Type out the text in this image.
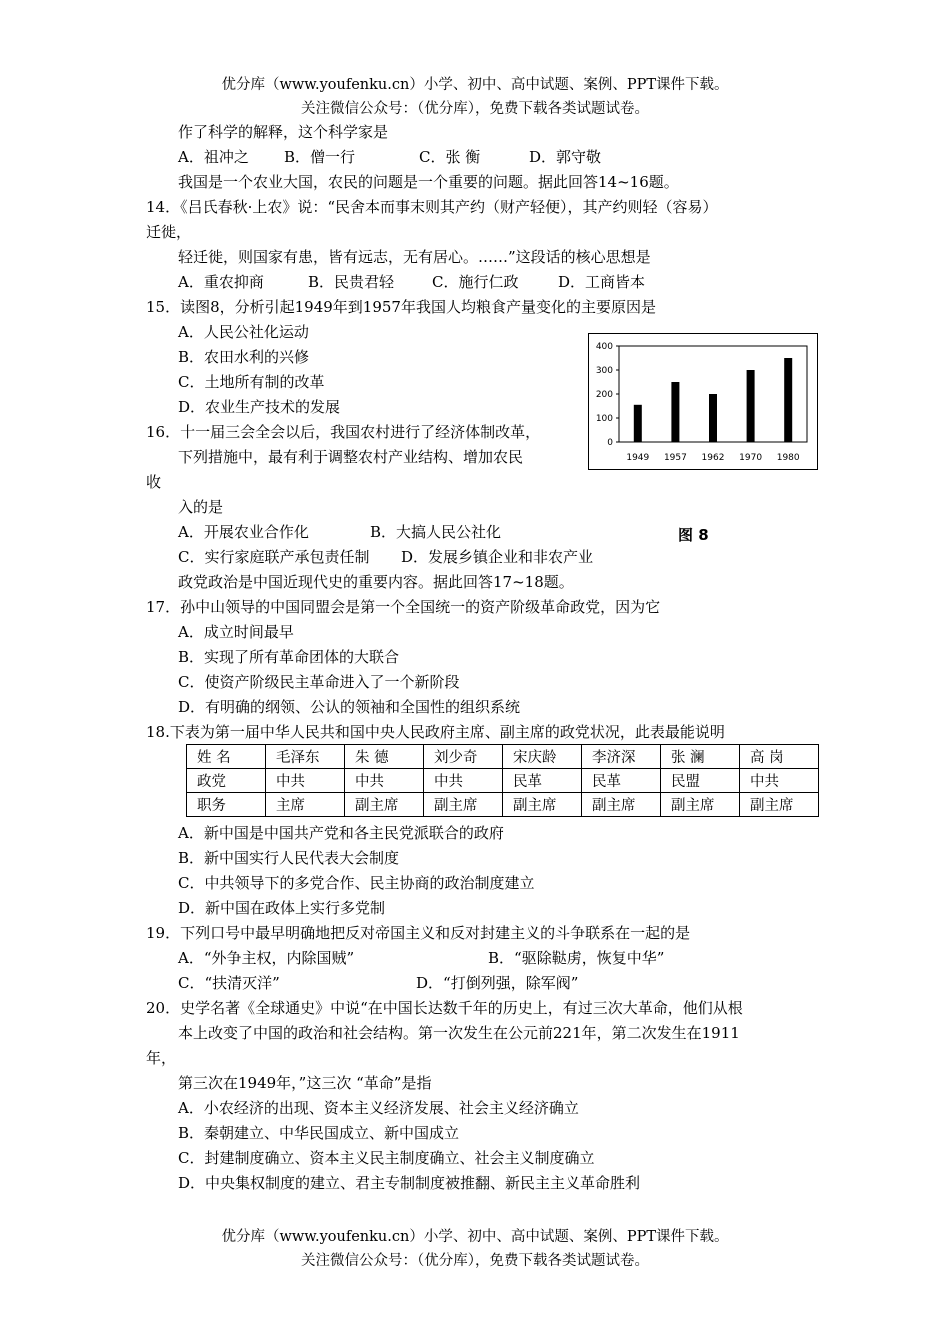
优分库（www.youfenku.cn）小学、初中、高中试题、案例、PPT课件下载。
关注微信公众号：（优分库），免费下载各类试题试卷。
作了科学的解释，这个科学家是
A．祖冲之 B．僧一行	C．张 衡	D．郭守敬
我国是一个农业大国，农民的问题是一个重要的问题。据此回答14~16题。
14．《吕氏春秋·上农》说：“民舍本而事末则其产约（财产轻便），其产约则轻（容易）
迁徙，
轻迁徙，则国家有患，皆有远志，无有居心。……”这段话的核心思想是
A．重农抑商	B．民贵君轻	C．施行仁政	D．工商皆本
15．读图8，分析引起1949年到1957年我国人均粮食产量变化的主要原因是
A．人民公社化运动
B．农田水利的兴修
C．土地所有制的改革
D．农业生产技术的发展
0
100
200
300
400
1949 1957 1962 1970 1980
图 8
16．十一届三会全会以后，我国农村进行了经济体制改革，
下列措施中，最有利于调整农村产业结构、增加农民
收
入的是
A．开展农业合作化	B．大搞人民公社化
C．实行家庭联产承包责任制 D．发展乡镇企业和非农产业
政党政治是中国近现代史的重要内容。据此回答17~18题。
17．孙中山领导的中国同盟会是第一个全国统一的资产阶级革命政党，因为它
A．成立时间最早
B．实现了所有革命团体的大联合
C．使资产阶级民主革命进入了一个新阶段
D．有明确的纲领、公认的领袖和全国性的组织系统
18.下表为第一届中华人民共和国中央人民政府主席、副主席的政党状况，此表最能说明
姓 名	毛泽东	朱 德	刘少奇	宋庆龄	李济深	张 澜	高 岗
政党	中共	中共	中共	民革	民革	民盟	中共
职务	主席	副主席	副主席	副主席	副主席	副主席	副主席
A．新中国是中国共产党和各主民党派联合的政府
B．新中国实行人民代表大会制度
C．中共领导下的多党合作、民主协商的政治制度建立
D．新中国在政体上实行多党制
19．下列口号中最早明确地把反对帝国主义和反对封建主义的斗争联系在一起的是
A．“外争主权，内除国贼”	B．“驱除鞑虏，恢复中华”
C．“扶清灭洋”	D．“打倒列强，除军阀”
20．史学名著《全球通史》中说“在中国长达数千年的历史上，有过三次大革命，他们从根
本上改变了中国的政治和社会结构。第一次发生在公元前221年，第二次发生在1911
年，
第三次在1949年，”这三次 “革命”是指
A．小农经济的出现、资本主义经济发展、社会主义经济确立
B．秦朝建立、中华民国成立、新中国成立
C．封建制度确立、资本主义民主制度确立、社会主义制度确立
D．中央集权制度的建立、君主专制制度被推翻、新民主主义革命胜利
优分库（www.youfenku.cn）小学、初中、高中试题、案例、PPT课件下载。
关注微信公众号：（优分库），免费下载各类试题试卷。
